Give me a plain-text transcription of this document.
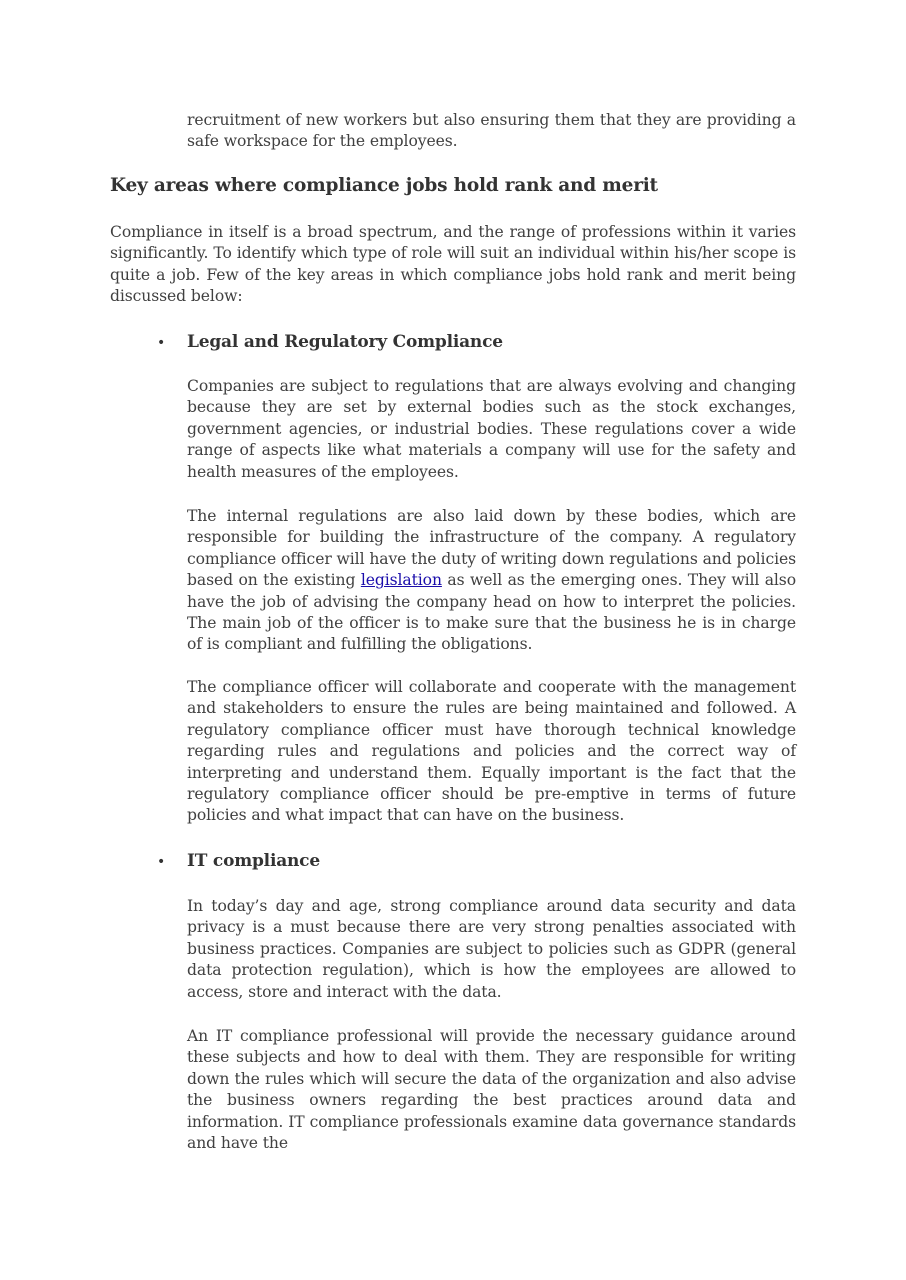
recruitment of new workers but also ensuring them that they are providing a safe workspace for the employees.

Key areas where compliance jobs hold rank and merit

Compliance in itself is a broad spectrum, and the range of professions within it varies significantly. To identify which type of role will suit an individual within his/her scope is quite a job. Few of the key areas in which compliance jobs hold rank and merit being discussed below:

• Legal and Regulatory Compliance

Companies are subject to regulations that are always evolving and changing because they are set by external bodies such as the stock exchanges, government agencies, or industrial bodies. These regulations cover a wide range of aspects like what materials a company will use for the safety and health measures of the employees.

The internal regulations are also laid down by these bodies, which are responsible for building the infrastructure of the company. A regulatory compliance officer will have the duty of writing down regulations and policies based on the existing legislation as well as the emerging ones. They will also have the job of advising the company head on how to interpret the policies. The main job of the officer is to make sure that the business he is in charge of is compliant and fulfilling the obligations.

The compliance officer will collaborate and cooperate with the management and stakeholders to ensure the rules are being maintained and followed. A regulatory compliance officer must have thorough technical knowledge regarding rules and regulations and policies and the correct way of interpreting and understand them. Equally important is the fact that the regulatory compliance officer should be pre-emptive in terms of future policies and what impact that can have on the business.

• IT compliance

In today’s day and age, strong compliance around data security and data privacy is a must because there are very strong penalties associated with business practices. Companies are subject to policies such as GDPR (general data protection regulation), which is how the employees are allowed to access, store and interact with the data.

An IT compliance professional will provide the necessary guidance around these subjects and how to deal with them. They are responsible for writing down the rules which will secure the data of the organization and also advise the business owners regarding the best practices around data and information. IT compliance professionals examine data governance standards and have the
